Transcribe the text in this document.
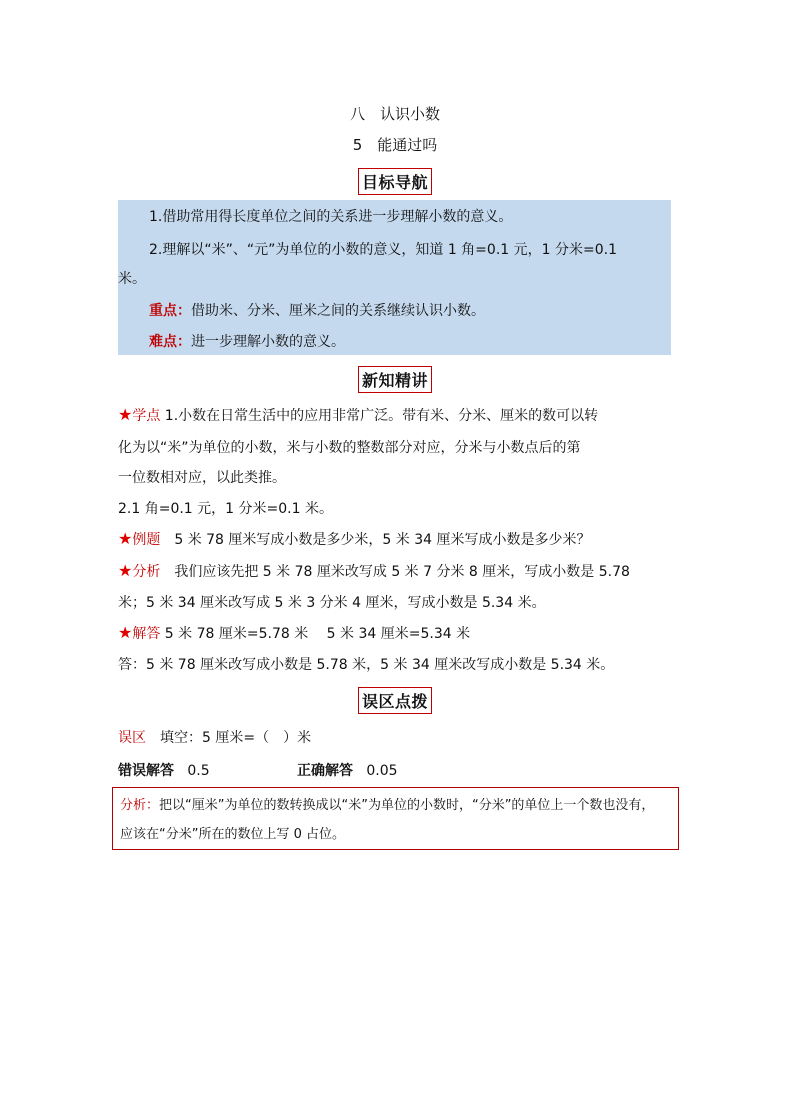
八　认识小数
5　能通过吗
目标导航
1.借助常用得长度单位之间的关系进一步理解小数的意义。
2.理解以“米”、“元”为单位的小数的意义，知道 1 角=0.1 元，1 分米=0.1
米。
重点：借助米、分米、厘米之间的关系继续认识小数。
难点：进一步理解小数的意义。
新知精讲
★学点 1.小数在日常生活中的应用非常广泛。带有米、分米、厘米的数可以转
化为以“米”为单位的小数，米与小数的整数部分对应，分米与小数点后的第
一位数相对应，以此类推。
2.1 角=0.1 元，1 分米=0.1 米。
★例题　5 米 78 厘米写成小数是多少米，5 米 34 厘米写成小数是多少米？
★分析　我们应该先把 5 米 78 厘米改写成 5 米 7 分米 8 厘米，写成小数是 5.78
米；5 米 34 厘米改写成 5 米 3 分米 4 厘米，写成小数是 5.34 米。
★解答 5 米 78 厘米=5.78 米　 5 米 34 厘米=5.34 米
答：5 米 78 厘米改写成小数是 5.78 米，5 米 34 厘米改写成小数是 5.34 米。
误区点拨
误区　填空：5 厘米=（　）米
错误解答 0.5	正确解答 0.05
分析：把以“厘米”为单位的数转换成以“米”为单位的小数时，“分米”的单位上一个数也没有，
应该在“分米”所在的数位上写 0 占位。
